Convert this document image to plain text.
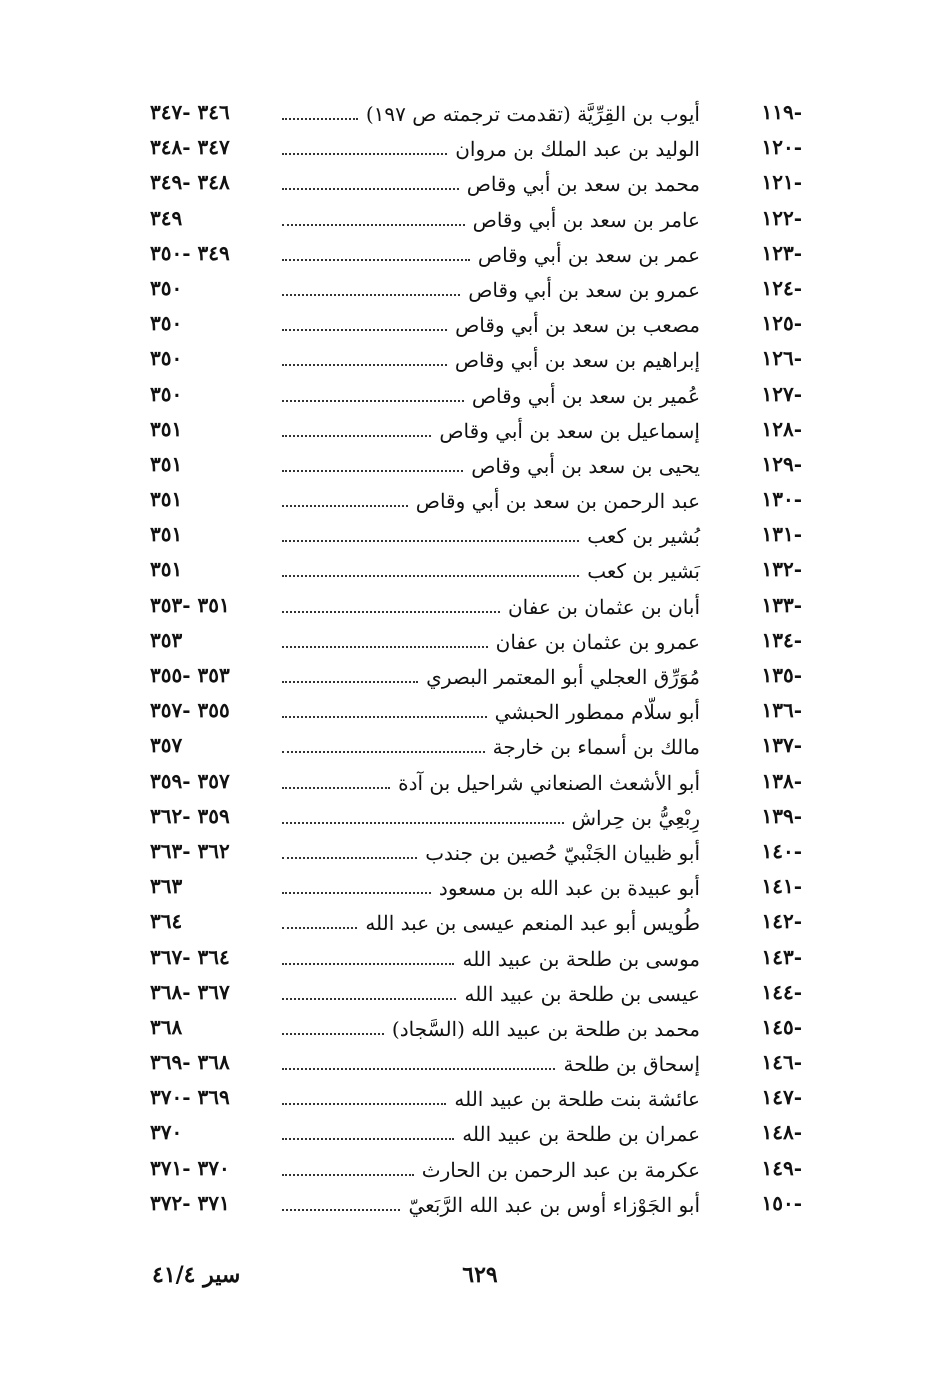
-١١٩
أيوب بن القِرِّيَّة (تقدمت ترجمته ص ١٩٧)
٣٤٦ -٣٤٧
-١٢٠
الوليد بن عبد الملك بن مروان
٣٤٧ -٣٤٨
-١٢١
محمد بن سعد بن أبي وقاص
٣٤٨ -٣٤٩
-١٢٢
عامر بن سعد بن أبي وقاص
٣٤٩
-١٢٣
عمر بن سعد بن أبي وقاص
٣٤٩ -٣٥٠
-١٢٤
عمرو بن سعد بن أبي وقاص
٣٥٠
-١٢٥
مصعب بن سعد بن أبي وقاص
٣٥٠
-١٢٦
إبراهيم بن سعد بن أبي وقاص
٣٥٠
-١٢٧
عُمير بن سعد بن أبي وقاص
٣٥٠
-١٢٨
إسماعيل بن سعد بن أبي وقاص
٣٥١
-١٢٩
يحيى بن سعد بن أبي وقاص
٣٥١
-١٣٠
عبد الرحمن بن سعد بن أبي وقاص
٣٥١
-١٣١
بُشير بن كعب
٣٥١
-١٣٢
بَشير بن كعب
٣٥١
-١٣٣
أبان بن عثمان بن عفان
٣٥١ -٣٥٣
-١٣٤
عمرو بن عثمان بن عفان
٣٥٣
-١٣٥
مُوَرِّق العجلي أبو المعتمر البصري
٣٥٣ -٣٥٥
-١٣٦
أبو سلّام ممطور الحبشي
٣٥٥ -٣٥٧
-١٣٧
مالك بن أسماء بن خارجة
٣٥٧
-١٣٨
أبو الأشعث الصنعاني شراحيل بن آدة
٣٥٧ -٣٥٩
-١٣٩
رِبْعِيُّ بن حِراش
٣٥٩ -٣٦٢
-١٤٠
أبو ظبيان الجَنْبيّ حُصين بن جندب
٣٦٢ -٣٦٣
-١٤١
أبو عبيدة بن عبد الله بن مسعود
٣٦٣
-١٤٢
طُويس أبو عبد المنعم عيسى بن عبد الله
٣٦٤
-١٤٣
موسى بن طلحة بن عبيد الله
٣٦٤ -٣٦٧
-١٤٤
عيسى بن طلحة بن عبيد الله
٣٦٧ -٣٦٨
-١٤٥
محمد بن طلحة بن عبيد الله (السَّجاد)
٣٦٨
-١٤٦
إسحاق بن طلحة
٣٦٨ -٣٦٩
-١٤٧
عائشة بنت طلحة بن عبيد الله
٣٦٩ -٣٧٠
-١٤٨
عمران بن طلحة بن عبيد الله
٣٧٠
-١٤٩
عكرمة بن عبد الرحمن بن الحارث
٣٧٠ -٣٧١
-١٥٠
أبو الجَوْزاء أوس بن عبد الله الرَّبَعيّ
٣٧١ -٣٧٢
٦٢٩
سير ٤١/٤
